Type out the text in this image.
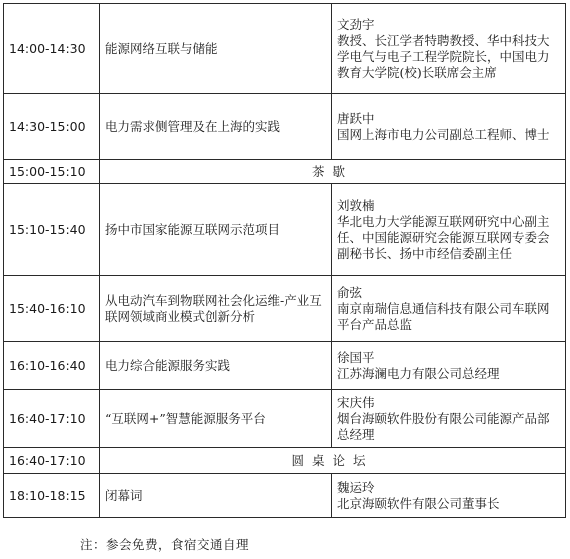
14:00-14:30	能源网络互联与储能	文劲宇
教授、长江学者特聘教授、华中科技大学电气与电子工程学院院长，中国电力教育大学院(校)长联席会主席

14:30-15:00	电力需求侧管理及在上海的实践	唐跃中
国网上海市电力公司副总工程师、博士

15:00-15:10	茶歇	
15:10-15:40	扬中市国家能源互联网示范项目	刘敦楠
华北电力大学能源互联网研究中心副主任、中国能源研究会能源互联网专委会副秘书长、扬中市经信委副主任

15:40-16:10	从电动汽车到物联网社会化运维-产业互联网领域商业模式创新分析	俞弦
南京南瑞信息通信科技有限公司车联网平台产品总监

16:10-16:40	电力综合能源服务实践	徐国平
江苏海澜电力有限公司总经理

16:40-17:10	“互联网+”智慧能源服务平台	宋庆伟
烟台海颐软件股份有限公司能源产品部总经理

16:40-17:10	圆桌论坛	
18:10-18:15	闭幕词	魏运玲
北京海颐软件有限公司董事长
注：参会免费，食宿交通自理
